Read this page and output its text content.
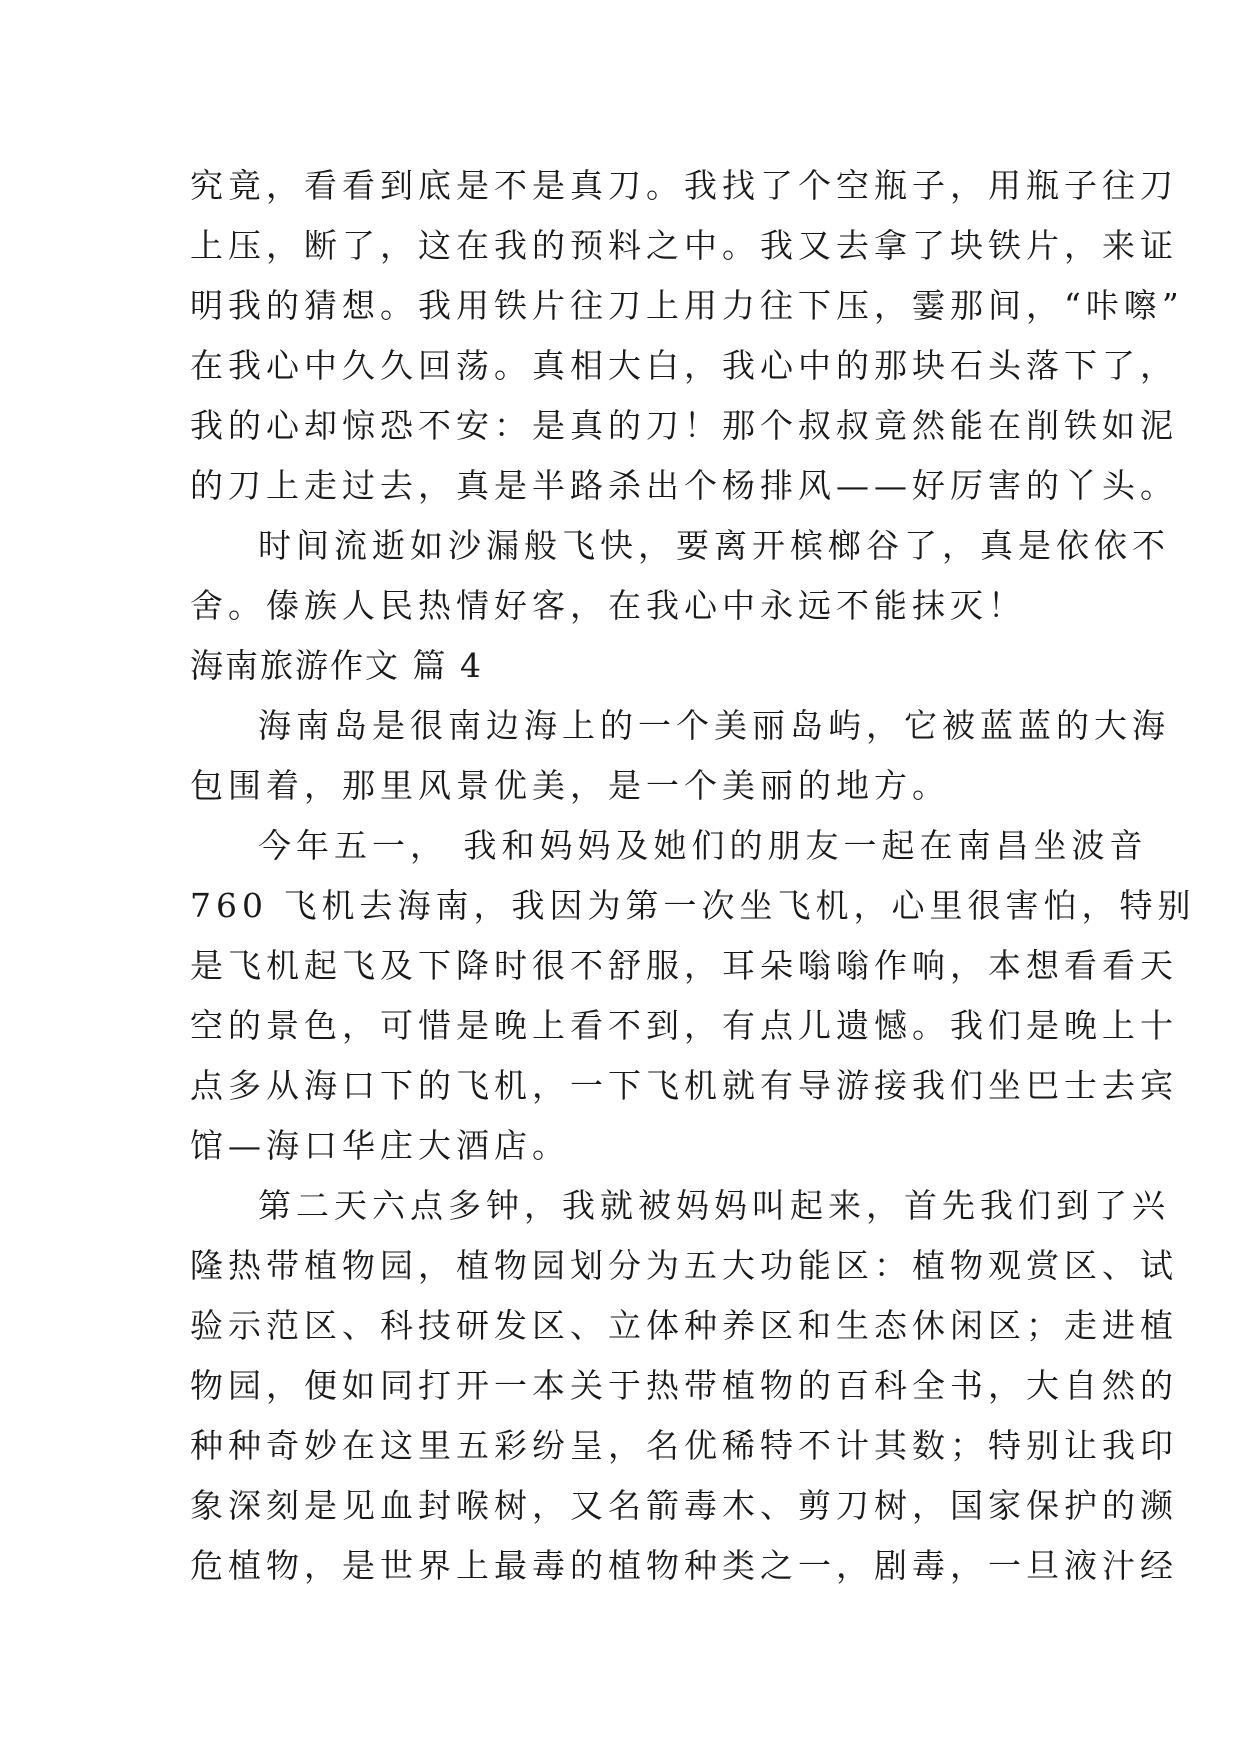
究竟，看看到底是不是真刀。我找了个空瓶子，用瓶子往刀
上压，断了，这在我的预料之中。我又去拿了块铁片，来证
明我的猜想。我用铁片往刀上用力往下压，霎那间，“咔嚓”
在我心中久久回荡。真相大白，我心中的那块石头落下了，
我的心却惊恐不安：是真的刀！那个叔叔竟然能在削铁如泥
的刀上走过去，真是半路杀出个杨排风——好厉害的丫头。
时间流逝如沙漏般飞快，要离开槟榔谷了，真是依依不
舍。傣族人民热情好客，在我心中永远不能抹灭！
海南旅游作文 篇 4
海南岛是很南边海上的一个美丽岛屿，它被蓝蓝的大海
包围着，那里风景优美，是一个美丽的地方。
今年五一， 我和妈妈及她们的朋友一起在南昌坐波音
760 飞机去海南，我因为第一次坐飞机，心里很害怕，特别
是飞机起飞及下降时很不舒服，耳朵嗡嗡作响，本想看看天
空的景色，可惜是晚上看不到，有点儿遗憾。我们是晚上十
点多从海口下的飞机，一下飞机就有导游接我们坐巴士去宾
馆—海口华庄大酒店。
第二天六点多钟，我就被妈妈叫起来，首先我们到了兴
隆热带植物园，植物园划分为五大功能区：植物观赏区、试
验示范区、科技研发区、立体种养区和生态休闲区；走进植
物园，便如同打开一本关于热带植物的百科全书，大自然的
种种奇妙在这里五彩纷呈，名优稀特不计其数；特别让我印
象深刻是见血封喉树，又名箭毒木、剪刀树，国家保护的濒
危植物，是世界上最毒的植物种类之一，剧毒，一旦液汁经
